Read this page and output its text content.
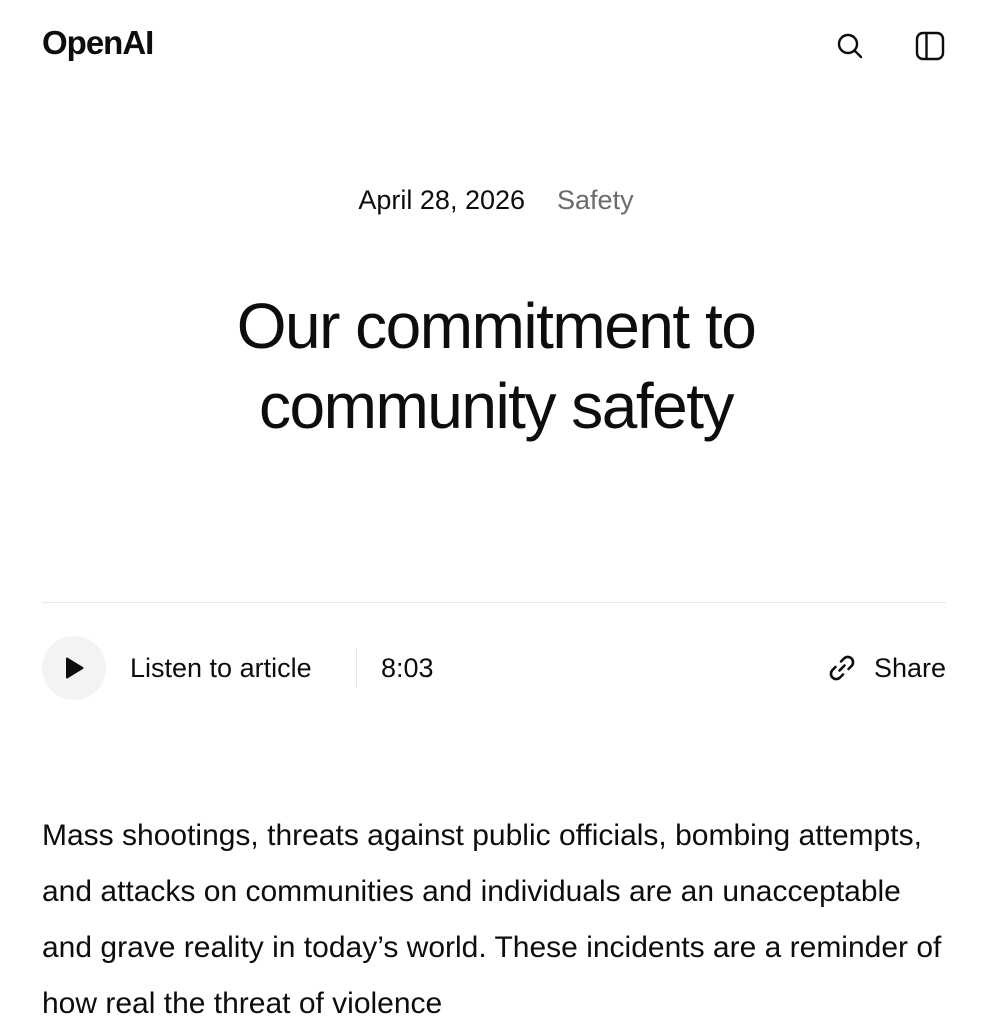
OpenAI
April 28, 2026 Safety
Our commitment to
community safety
Listen to article	8:03	Share

Mass shootings, threats against public officials, bombing attempts, and attacks on communities and individuals are an unacceptable and grave reality in today’s world. These incidents are a reminder of how real the threat of violence
